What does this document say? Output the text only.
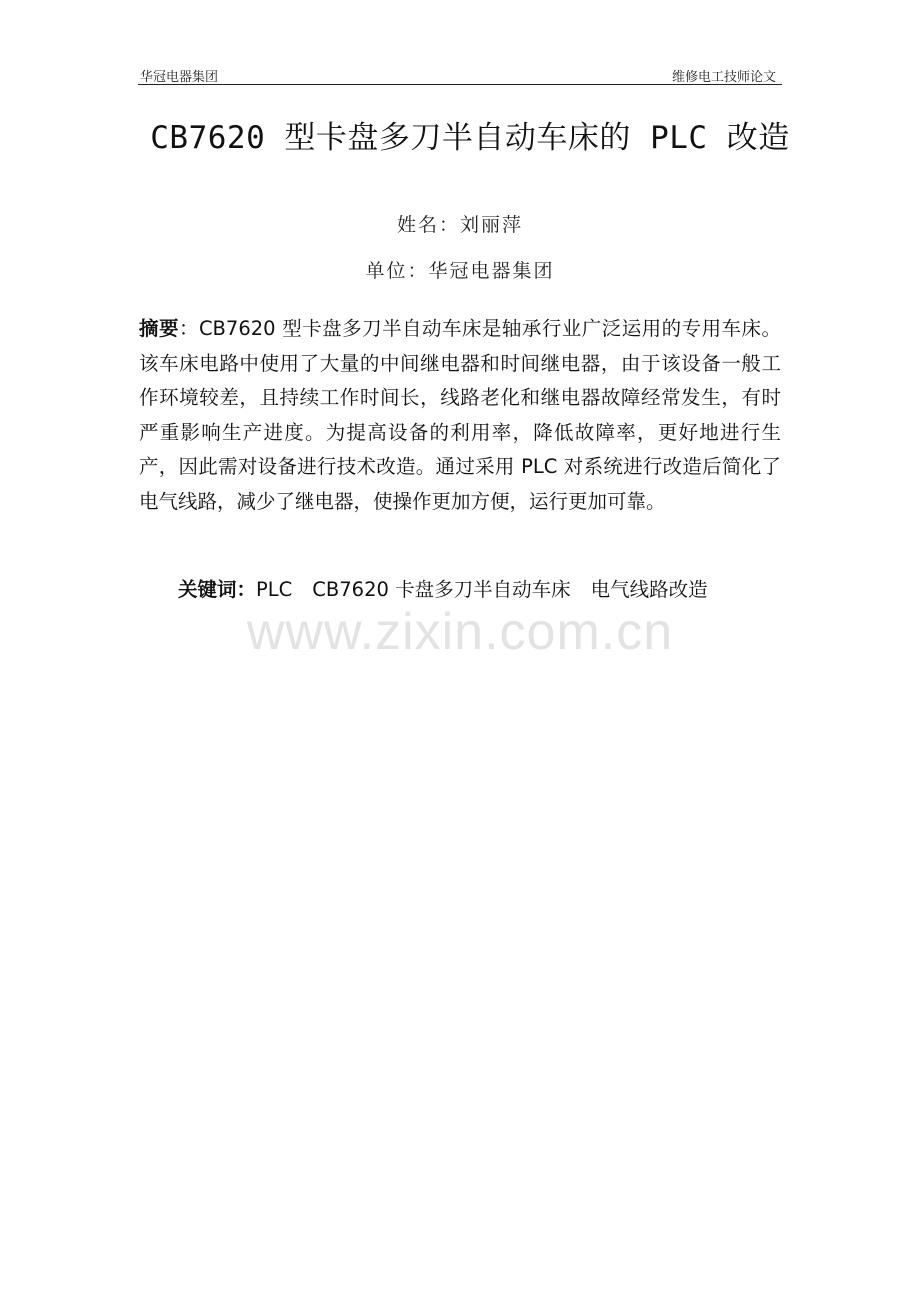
华冠电器集团	维修电工技师论文
CB7620 型卡盘多刀半自动车床的 PLC 改造
姓名：刘丽萍
单位：华冠电器集团
摘要：CB7620 型卡盘多刀半自动车床是轴承行业广泛运用的专用车床。该车床电路中使用了大量的中间继电器和时间继电器，由于该设备一般工作环境较差，且持续工作时间长，线路老化和继电器故障经常发生，有时严重影响生产进度。为提高设备的利用率，降低故障率，更好地进行生产，因此需对设备进行技术改造。通过采用 PLC 对系统进行改造后简化了电气线路，减少了继电器，使操作更加方便，运行更加可靠。
关键词：PLC CB7620 卡盘多刀半自动车床 电气线路改造
www.zixin.com.cn
